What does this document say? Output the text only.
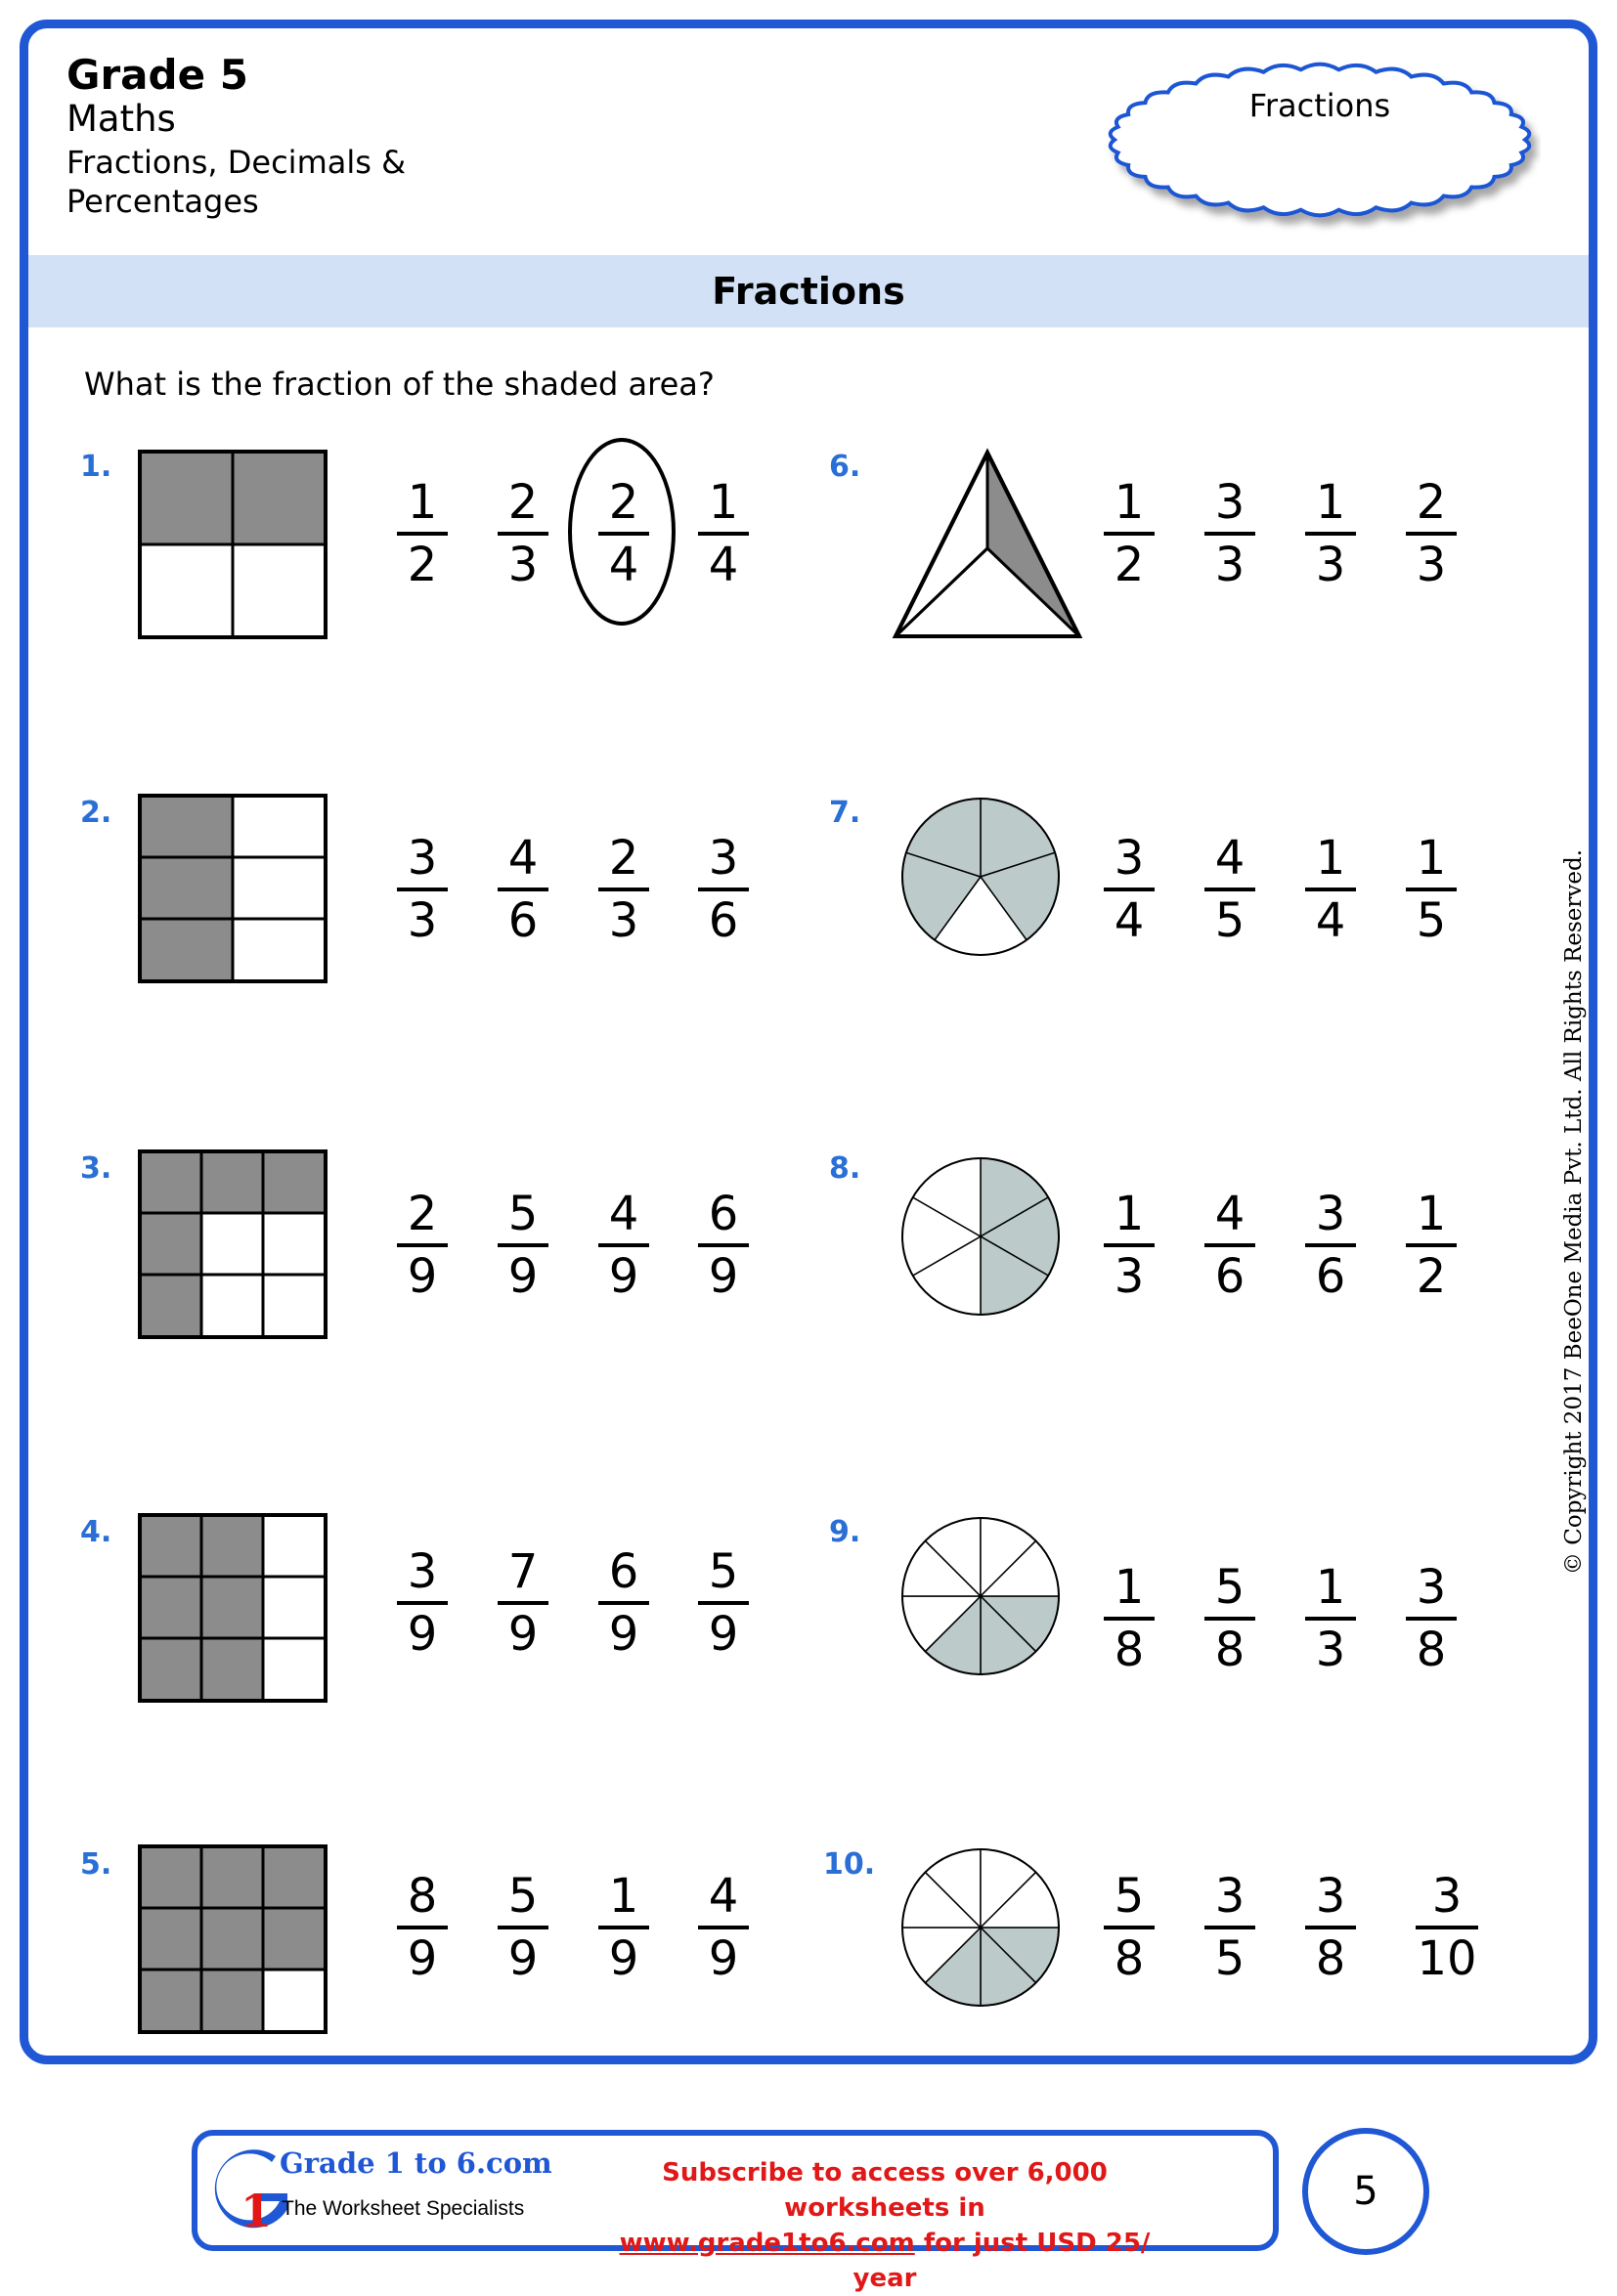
Grade 5
Maths
Fractions, Decimals & Percentages
Fractions
Fractions
What is the fraction of the shaded area?
1.
2.
3.
4.
5.
6.
7.
8.
9.
10.
1
2
2
3
2
4
1
4
1
2
3
3
1
3
2
3
3
3
4
6
2
3
3
6
3
4
4
5
1
4
1
5
2
9
5
9
4
9
6
9
1
3
4
6
3
6
1
2
3
9
7
9
6
9
5
9
1
8
5
8
1
3
3
8
8
9
5
9
1
9
4
9
5
8
3
5
3
8
3
10
© Copyright 2017 BeeOne Media Pvt. Ltd. All Rights Reserved.
1
Grade 1 to 6.com
The Worksheet Specialists
Subscribe to access over 6,000 worksheets in
www.grade1to6.com for just USD 25/ year
5
